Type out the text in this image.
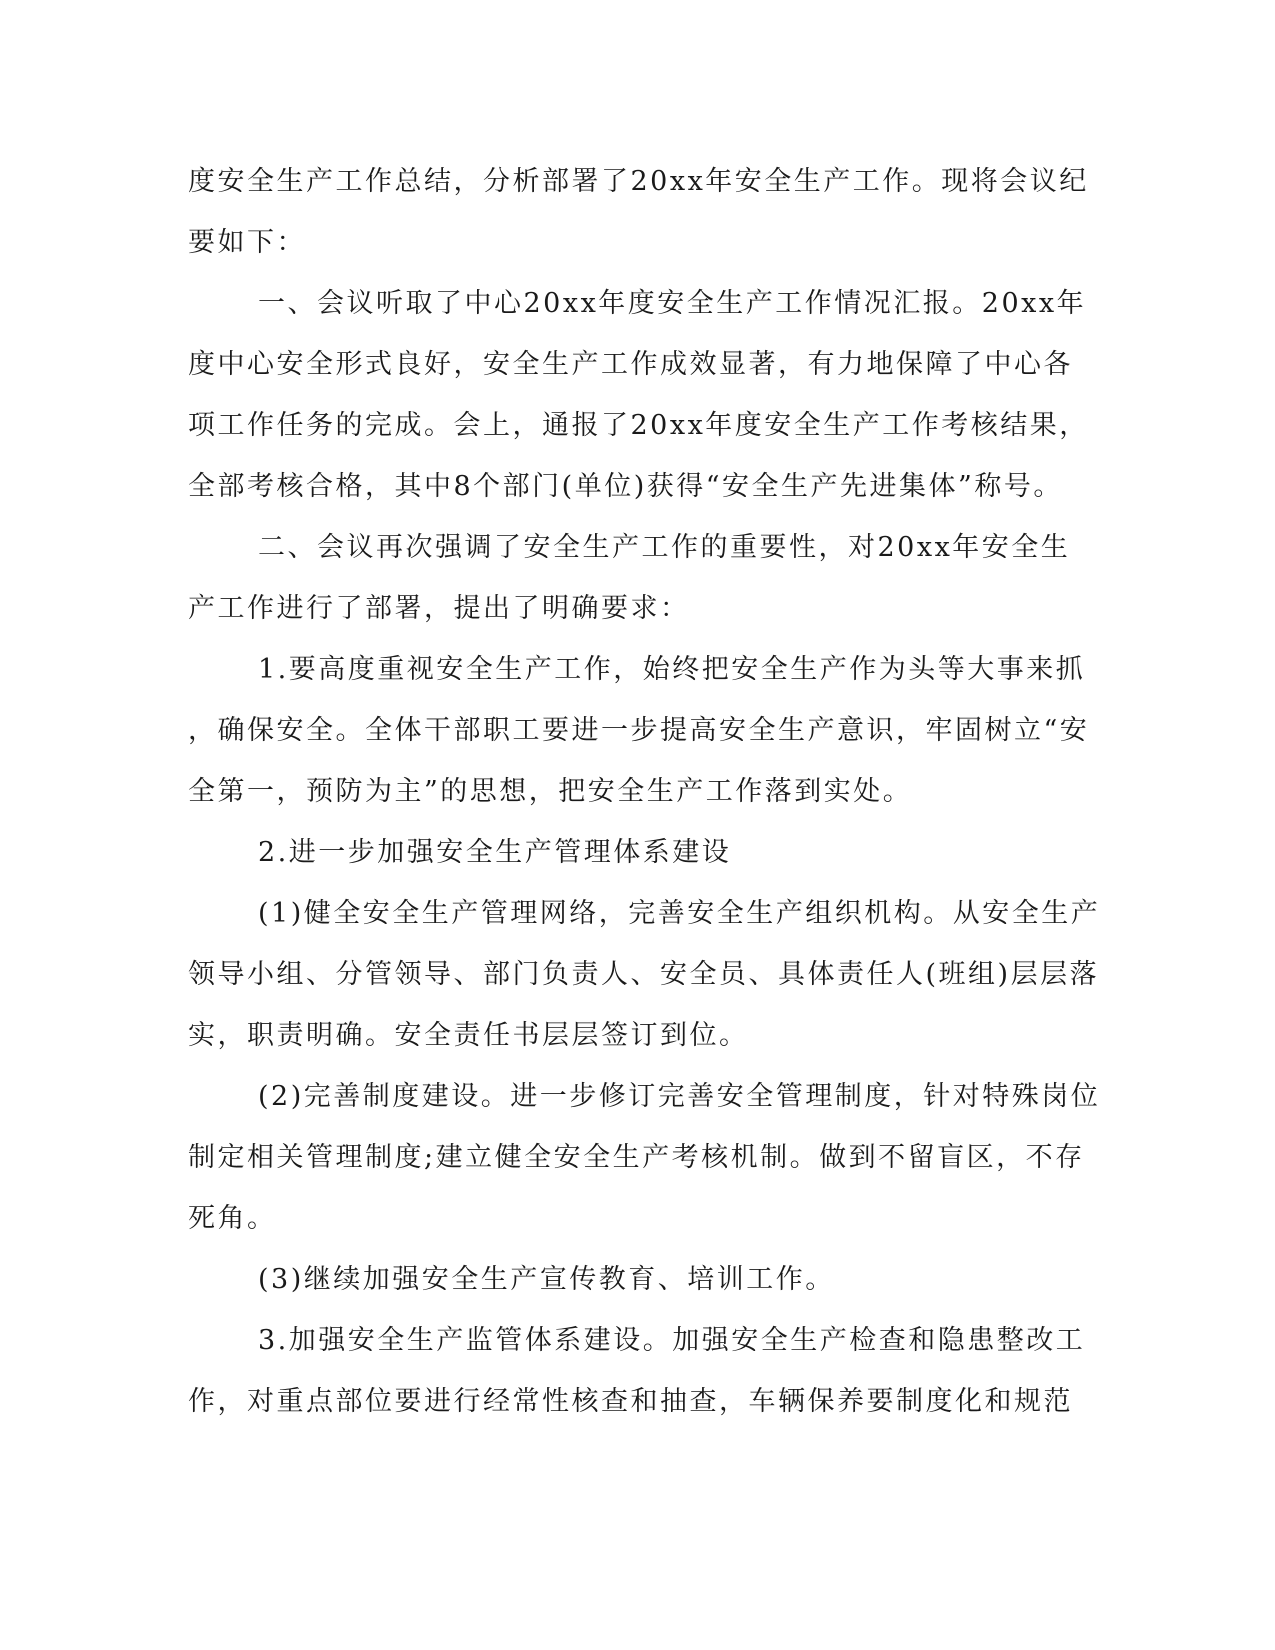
度安全生产工作总结，分析部署了20xx年安全生产工作。现将会议纪

要如下：

一、会议听取了中心20xx年度安全生产工作情况汇报。20xx年

度中心安全形式良好，安全生产工作成效显著，有力地保障了中心各

项工作任务的完成。会上，通报了20xx年度安全生产工作考核结果，

全部考核合格，其中8个部门(单位)获得“安全生产先进集体”称号。

二、会议再次强调了安全生产工作的重要性，对20xx年安全生

产工作进行了部署，提出了明确要求：

1.要高度重视安全生产工作，始终把安全生产作为头等大事来抓

，确保安全。全体干部职工要进一步提高安全生产意识，牢固树立“安

全第一，预防为主”的思想，把安全生产工作落到实处。

2.进一步加强安全生产管理体系建设

(1)健全安全生产管理网络，完善安全生产组织机构。从安全生产

领导小组、分管领导、部门负责人、安全员、具体责任人(班组)层层落

实，职责明确。安全责任书层层签订到位。

(2)完善制度建设。进一步修订完善安全管理制度，针对特殊岗位

制定相关管理制度;建立健全安全生产考核机制。做到不留盲区，不存

死角。

(3)继续加强安全生产宣传教育、培训工作。

3.加强安全生产监管体系建设。加强安全生产检查和隐患整改工

作，对重点部位要进行经常性核查和抽查，车辆保养要制度化和规范
